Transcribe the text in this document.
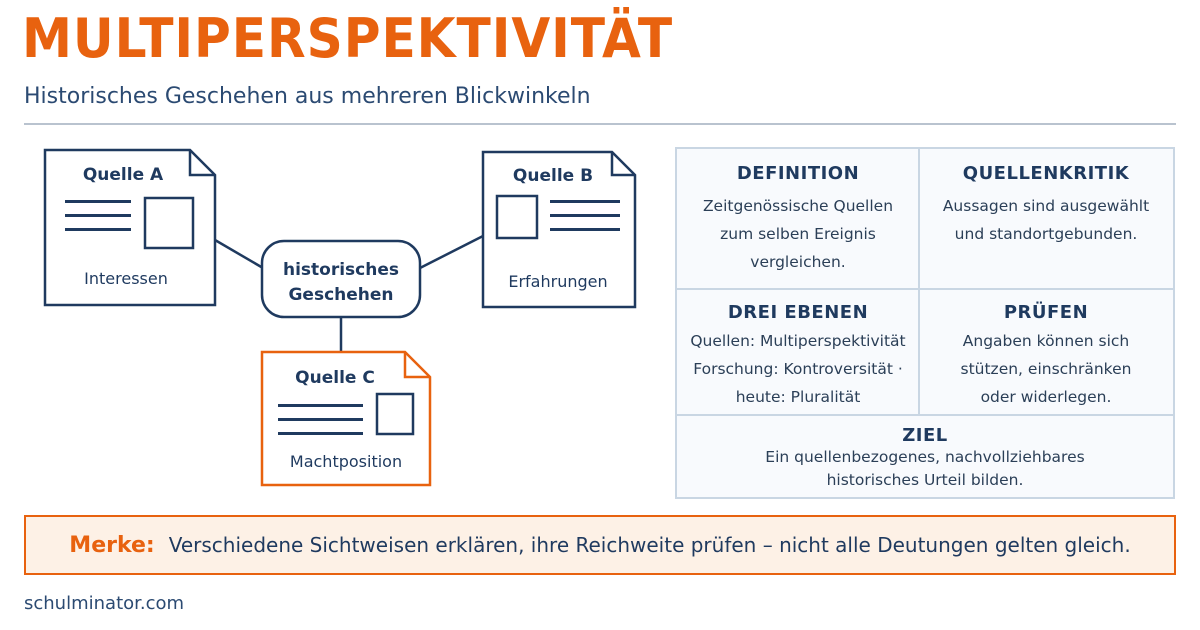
MULTIPERSPEKTIVITÄT
Historisches Geschehen aus mehreren Blickwinkeln
Quelle A
Interessen
Quelle B
Erfahrungen
historisches
Geschehen
Quelle C
Machtposition
DEFINITION
Zeitgenössische Quellen
zum selben Ereignis
vergleichen.
QUELLENKRITIK
Aussagen sind ausgewählt
und standortgebunden.
DREI EBENEN
Quellen: Multiperspektivität
Forschung: Kontroversität ·
heute: Pluralität
PRÜFEN
Angaben können sich
stützen, einschränken
oder widerlegen.
ZIEL
Ein quellenbezogenes, nachvollziehbares
historisches Urteil bilden.
Merke: Verschiedene Sichtweisen erklären, ihre Reichweite prüfen – nicht alle Deutungen gelten gleich.
schulminator.com
